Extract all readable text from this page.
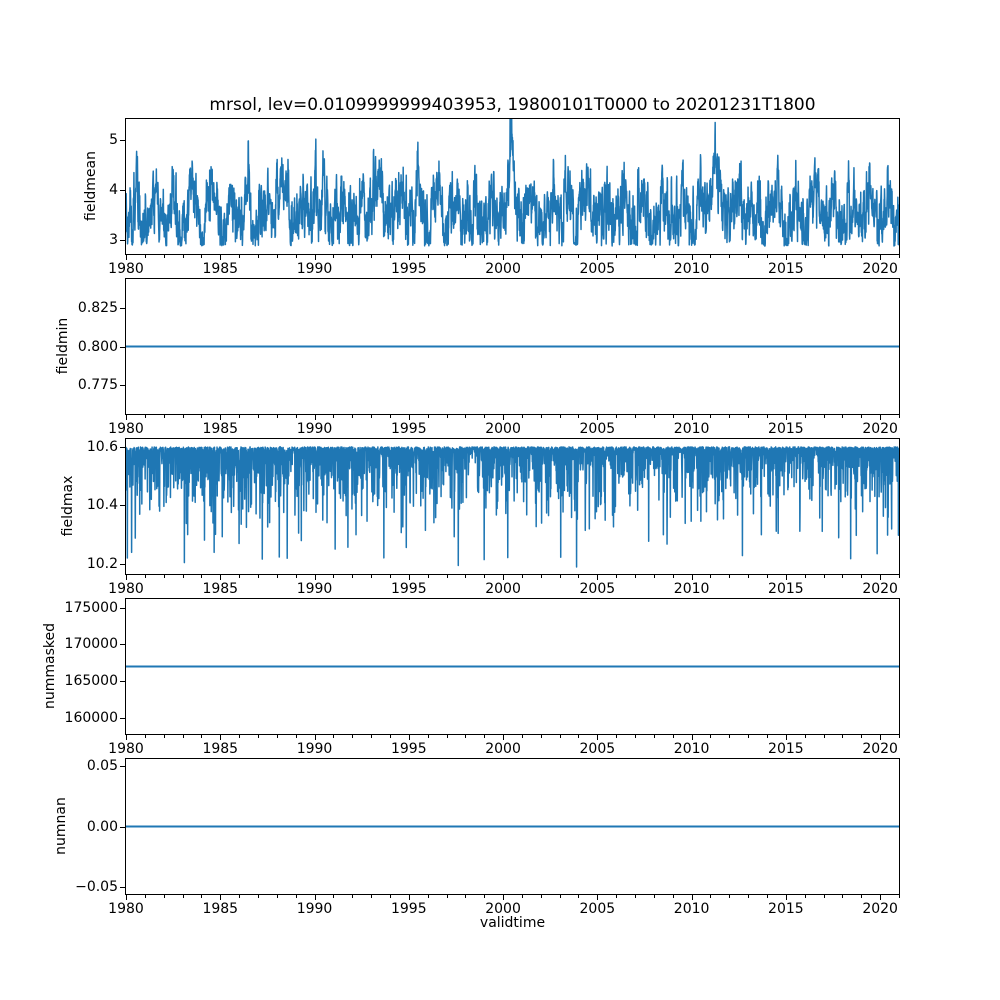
mrsol, lev=0.0109999999403953, 19800101T0000 to 20201231T1800
1980	1985	1990	1995	2000	2005	2010	2015	2020
3
4
5
1980	1985	1990	1995	2000	2005	2010	2015	2020
0.775
0.800
0.825
1980	1985	1990	1995	2000	2005	2010	2015	2020
10.2
10.4
10.6
1980	1985	1990	1995	2000	2005	2010	2015	2020
160000
165000
170000
175000
1980	1985	1990	1995	2000	2005	2010	2015	2020
−0.05
0.00
0.05
fieldmean
fieldmin
fieldmax
nummasked
numnan
validtime
